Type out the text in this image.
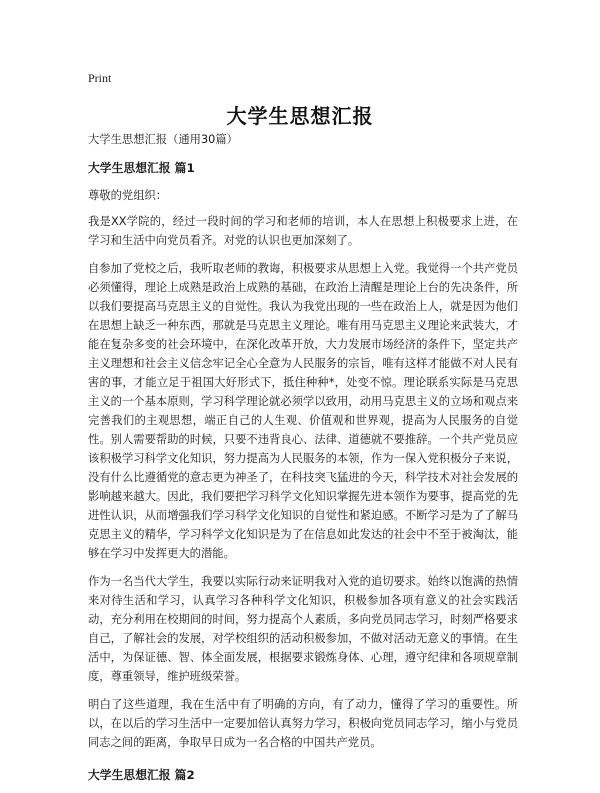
Print
大学生思想汇报

大学生思想汇报（通用30篇）

大学生思想汇报 篇1

尊敬的党组织：

我是XX学院的，经过一段时间的学习和老师的培训，本人在思想上积极要求上进，在学习和生活中向党员看齐。对党的认识也更加深刻了。

自参加了党校之后，我听取老师的教诲，积极要求从思想上入党。我觉得一个共产党员必须懂得，理论上成熟是政治上成熟的基础，在政治上清醒是理论上台的先决条件，所以我们要提高马克思主义的自觉性。我认为我党出现的一些在政治上人，就是因为他们在思想上缺乏一种东西，那就是马克思主义理论。唯有用马克思主义理论来武装大，才能在复杂多变的社会环境中，在深化改革开放，大力发展市场经济的条件下，坚定共产主义理想和社会主义信念牢记全心全意为人民服务的宗旨，唯有这样才能做不对人民有害的事，才能立足于祖国大好形式下，抵住种种*，处变不惊。理论联系实际是马克思主义的一个基本原则，学习科学理论就必须学以致用，动用马克思主义的立场和观点来完善我们的主观思想，端正自己的人生观、价值观和世界观，提高为人民服务的自觉性。别人需要帮助的时候，只要不违背良心、法律、道德就不要推辞。一个共产党员应该积极学习科学文化知识，努力提高为人民服务的本领，作为一保入党积极分子来说，没有什么比遵循党的意志更为神圣了，在科技突飞猛进的今天，科学技术对社会发展的影响越来越大。因此，我们要把学习科学文化知识掌握先进本领作为要事，提高党的先进性认识，从而增强我们学习科学文化知识的自觉性和紧迫感。不断学习是为了了解马克思主义的精华，学习科学文化知识是为了在信息如此发达的社会中不至于被淘汰，能够在学习中发挥更大的潜能。

作为一名当代大学生，我要以实际行动来证明我对入党的追切要求。始终以饱满的热情来对待生活和学习，认真学习各种科学文化知识，积极参加各项有意义的社会实践活动，充分利用在校期间的时间，努力提高个人素质，多向党员同志学习，时刻严格要求自己，了解社会的发展，对学校组织的活动积极参加，不做对活动无意义的事情。在生活中，为保证德、智、体全面发展，根据要求锻炼身体、心理，遵守纪律和各项规章制度，尊重领导，维护班级荣誉。

明白了这些道理，我在生活中有了明确的方向，有了动力，懂得了学习的重要性。所以，在以后的学习生活中一定要加倍认真努力学习，积极向党员同志学习，缩小与党员同志之间的距离，争取早日成为一名合格的中国共产党员。

大学生思想汇报 篇2
